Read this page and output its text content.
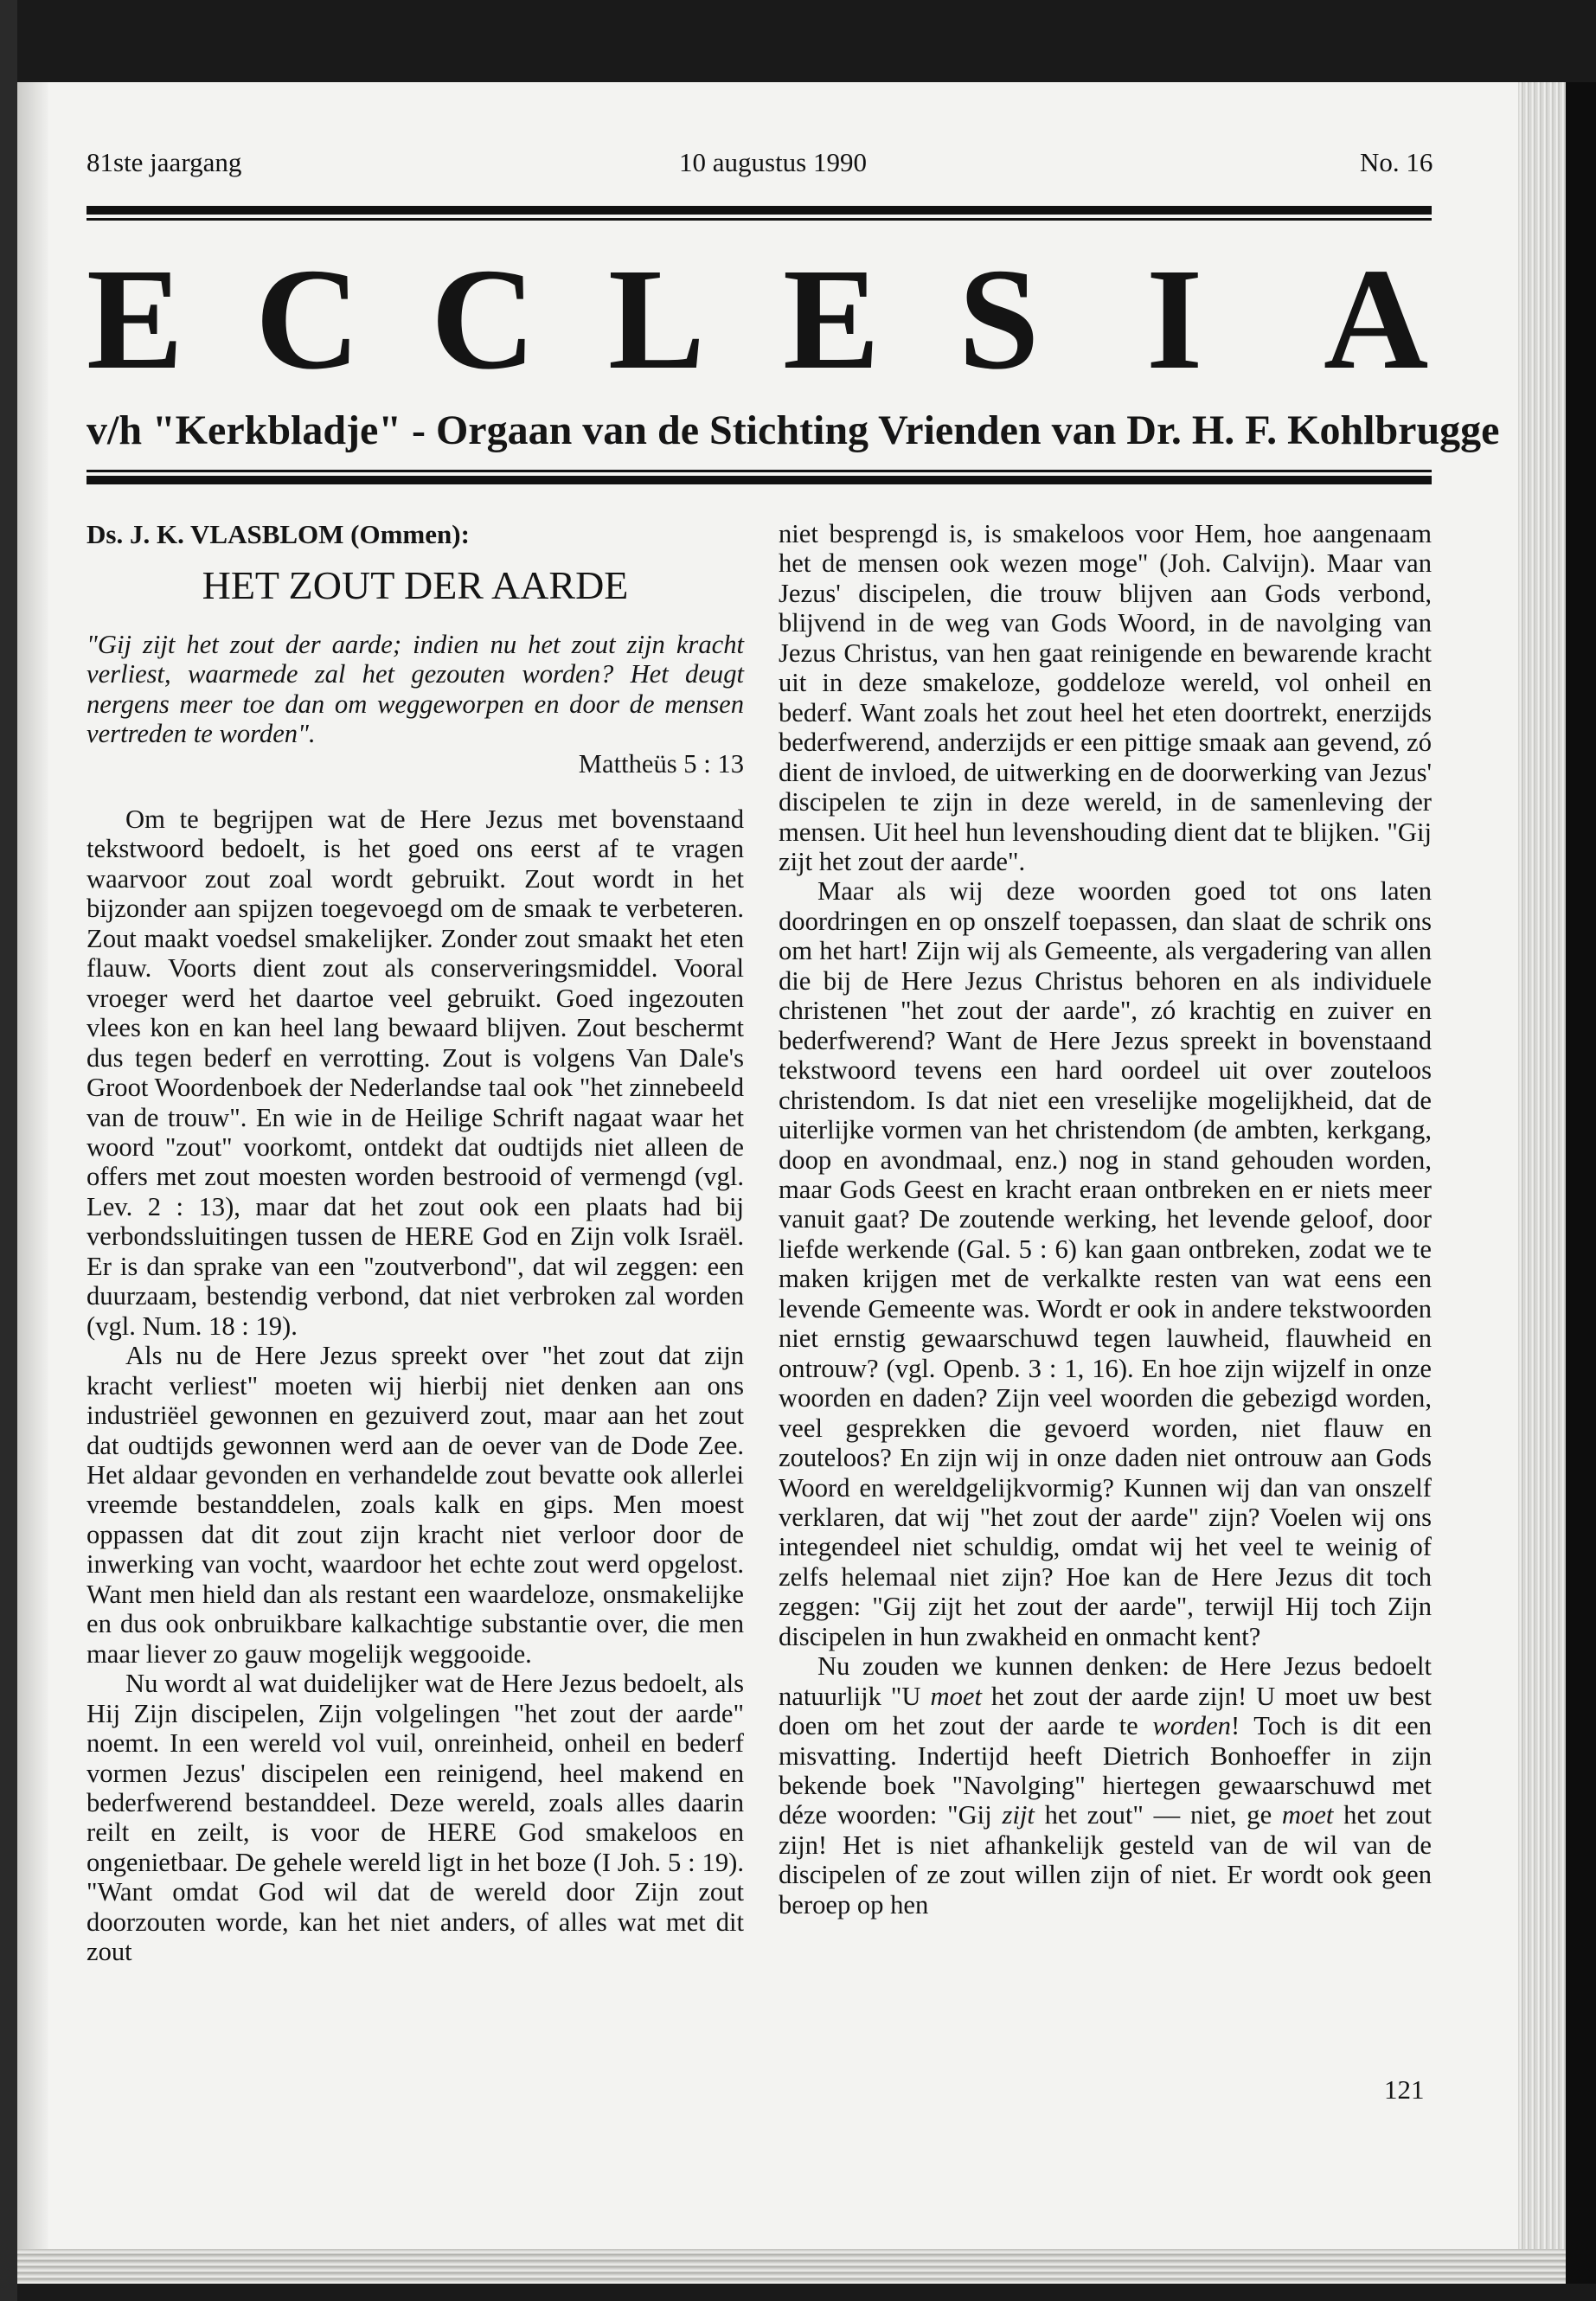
81ste jaargang	10 augustus 1990	No. 16
E C C L E S I A
v/h "Kerkbladje" - Orgaan van de Stichting Vrienden van Dr. H. F. Kohlbrugge
Ds. J. K. VLASBLOM (Ommen):
HET ZOUT DER AARDE
"Gij zijt het zout der aarde; indien nu het zout zijn kracht verliest, waarmede zal het gezouten worden? Het deugt nergens meer toe dan om weggeworpen en door de mensen vertreden te worden".
Mattheüs 5 : 13

Om te begrijpen wat de Here Jezus met bovenstaand tekstwoord bedoelt, is het goed ons eerst af te vragen waarvoor zout zoal wordt gebruikt. Zout wordt in het bijzonder aan spijzen toegevoegd om de smaak te verbeteren. Zout maakt voedsel smakelijker. Zonder zout smaakt het eten flauw. Voorts dient zout als conserveringsmiddel. Vooral vroeger werd het daartoe veel gebruikt. Goed ingezouten vlees kon en kan heel lang bewaard blijven. Zout beschermt dus tegen bederf en verrotting. Zout is volgens Van Dale's Groot Woordenboek der Nederlandse taal ook "het zinnebeeld van de trouw". En wie in de Heilige Schrift nagaat waar het woord "zout" voorkomt, ontdekt dat oudtijds niet alleen de offers met zout moesten worden bestrooid of vermengd (vgl. Lev. 2 : 13), maar dat het zout ook een plaats had bij verbondssluitingen tussen de HERE God en Zijn volk Israël. Er is dan sprake van een "zoutverbond", dat wil zeggen: een duurzaam, bestendig verbond, dat niet verbroken zal worden (vgl. Num. 18 : 19).

Als nu de Here Jezus spreekt over "het zout dat zijn kracht verliest" moeten wij hierbij niet denken aan ons industriëel gewonnen en gezuiverd zout, maar aan het zout dat oudtijds gewonnen werd aan de oever van de Dode Zee. Het aldaar gevonden en verhandelde zout bevatte ook allerlei vreemde bestanddelen, zoals kalk en gips. Men moest oppassen dat dit zout zijn kracht niet verloor door de inwerking van vocht, waardoor het echte zout werd opgelost. Want men hield dan als restant een waardeloze, onsmakelijke en dus ook onbruikbare kalkachtige substantie over, die men maar liever zo gauw mogelijk weggooide.

Nu wordt al wat duidelijker wat de Here Jezus bedoelt, als Hij Zijn discipelen, Zijn volgelingen "het zout der aarde" noemt. In een wereld vol vuil, onreinheid, onheil en bederf vormen Jezus' discipelen een reinigend, heel makend en bederfwerend bestanddeel. Deze wereld, zoals alles daarin reilt en zeilt, is voor de HERE God smakeloos en ongenietbaar. De gehele wereld ligt in het boze (I Joh. 5 : 19). "Want omdat God wil dat de wereld door Zijn zout doorzouten worde, kan het niet anders, of alles wat met dit zout

niet besprengd is, is smakeloos voor Hem, hoe aangenaam het de mensen ook wezen moge" (Joh. Calvijn). Maar van Jezus' discipelen, die trouw blijven aan Gods verbond, blijvend in de weg van Gods Woord, in de navolging van Jezus Christus, van hen gaat reinigende en bewarende kracht uit in deze smakeloze, goddeloze wereld, vol onheil en bederf. Want zoals het zout heel het eten doortrekt, enerzijds bederfwerend, anderzijds er een pittige smaak aan gevend, zó dient de invloed, de uitwerking en de doorwerking van Jezus' discipelen te zijn in deze wereld, in de samenleving der mensen. Uit heel hun levenshouding dient dat te blijken. "Gij zijt het zout der aarde".

Maar als wij deze woorden goed tot ons laten doordringen en op onszelf toepassen, dan slaat de schrik ons om het hart! Zijn wij als Gemeente, als vergadering van allen die bij de Here Jezus Christus behoren en als individuele christenen "het zout der aarde", zó krachtig en zuiver en bederfwerend? Want de Here Jezus spreekt in bovenstaand tekstwoord tevens een hard oordeel uit over zouteloos christendom. Is dat niet een vreselijke mogelijkheid, dat de uiterlijke vormen van het christendom (de ambten, kerkgang, doop en avondmaal, enz.) nog in stand gehouden worden, maar Gods Geest en kracht eraan ontbreken en er niets meer vanuit gaat? De zoutende werking, het levende geloof, door liefde werkende (Gal. 5 : 6) kan gaan ontbreken, zodat we te maken krijgen met de verkalkte resten van wat eens een levende Gemeente was. Wordt er ook in andere tekstwoorden niet ernstig gewaarschuwd tegen lauwheid, flauwheid en ontrouw? (vgl. Openb. 3 : 1, 16). En hoe zijn wijzelf in onze woorden en daden? Zijn veel woorden die gebezigd worden, veel gesprekken die gevoerd worden, niet flauw en zouteloos? En zijn wij in onze daden niet ontrouw aan Gods Woord en wereldgelijkvormig? Kunnen wij dan van onszelf verklaren, dat wij "het zout der aarde" zijn? Voelen wij ons integendeel niet schuldig, omdat wij het veel te weinig of zelfs helemaal niet zijn? Hoe kan de Here Jezus dit toch zeggen: "Gij zijt het zout der aarde", terwijl Hij toch Zijn discipelen in hun zwakheid en onmacht kent?

Nu zouden we kunnen denken: de Here Jezus bedoelt natuurlijk "U moet het zout der aarde zijn! U moet uw best doen om het zout der aarde te worden! Toch is dit een misvatting. Indertijd heeft Dietrich Bonhoeffer in zijn bekende boek "Navolging" hiertegen gewaarschuwd met déze woorden: "Gij zijt het zout" — niet, ge moet het zout zijn! Het is niet afhankelijk gesteld van de wil van de discipelen of ze zout willen zijn of niet. Er wordt ook geen beroep op hen

121
